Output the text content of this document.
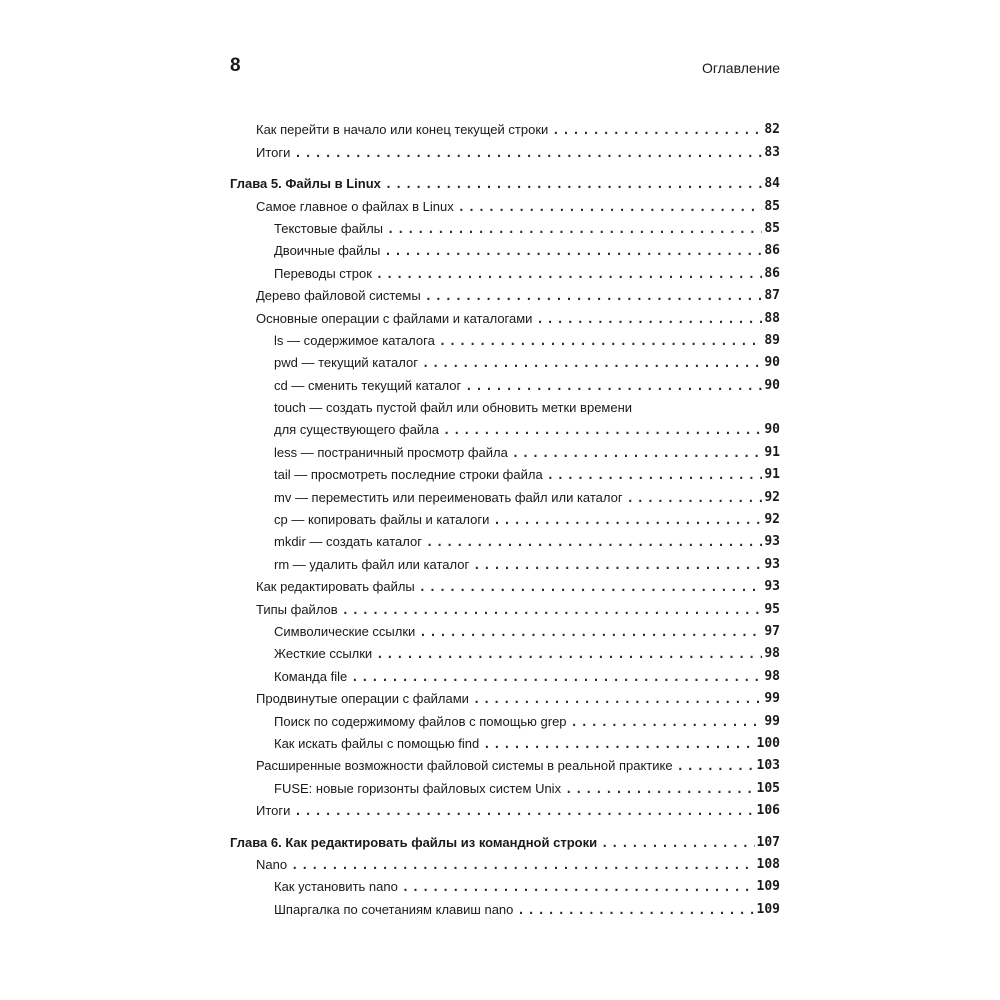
8	Оглавление
Как перейти в начало или конец текущей строки . . .	82
Итоги . . .	83
Глава 5. Файлы в Linux . . .	84
Самое главное о файлах в Linux . . .	85
Текстовые файлы . . .	85
Двоичные файлы . . .	86
Переводы строк . . .	86
Дерево файловой системы . . .	87
Основные операции с файлами и каталогами . . .	88
ls — содержимое каталога . . .	89
pwd — текущий каталог . . .	90
cd — сменить текущий каталог . . .	90
touch — создать пустой файл или обновить метки времени
для существующего файла . . .	90
less — постраничный просмотр файла . . .	91
tail — просмотреть последние строки файла . . .	91
mv — переместить или переименовать файл или каталог . . .	92
cp — копировать файлы и каталоги . . .	92
mkdir — создать каталог . . .	93
rm — удалить файл или каталог . . .	93
Как редактировать файлы . . .	93
Типы файлов . . .	95
Символические ссылки . . .	97
Жесткие ссылки . . .	98
Команда file . . .	98
Продвинутые операции с файлами . . .	99
Поиск по содержимому файлов с помощью grep . . .	99
Как искать файлы с помощью find . . .	100
Расширенные возможности файловой системы в реальной практике . . .	103
FUSE: новые горизонты файловых систем Unix . . .	105
Итоги . . .	106
Глава 6. Как редактировать файлы из командной строки . . .	107
Nano . . .	108
Как установить nano . . .	109
Шпаргалка по сочетаниям клавиш nano . . .	109
